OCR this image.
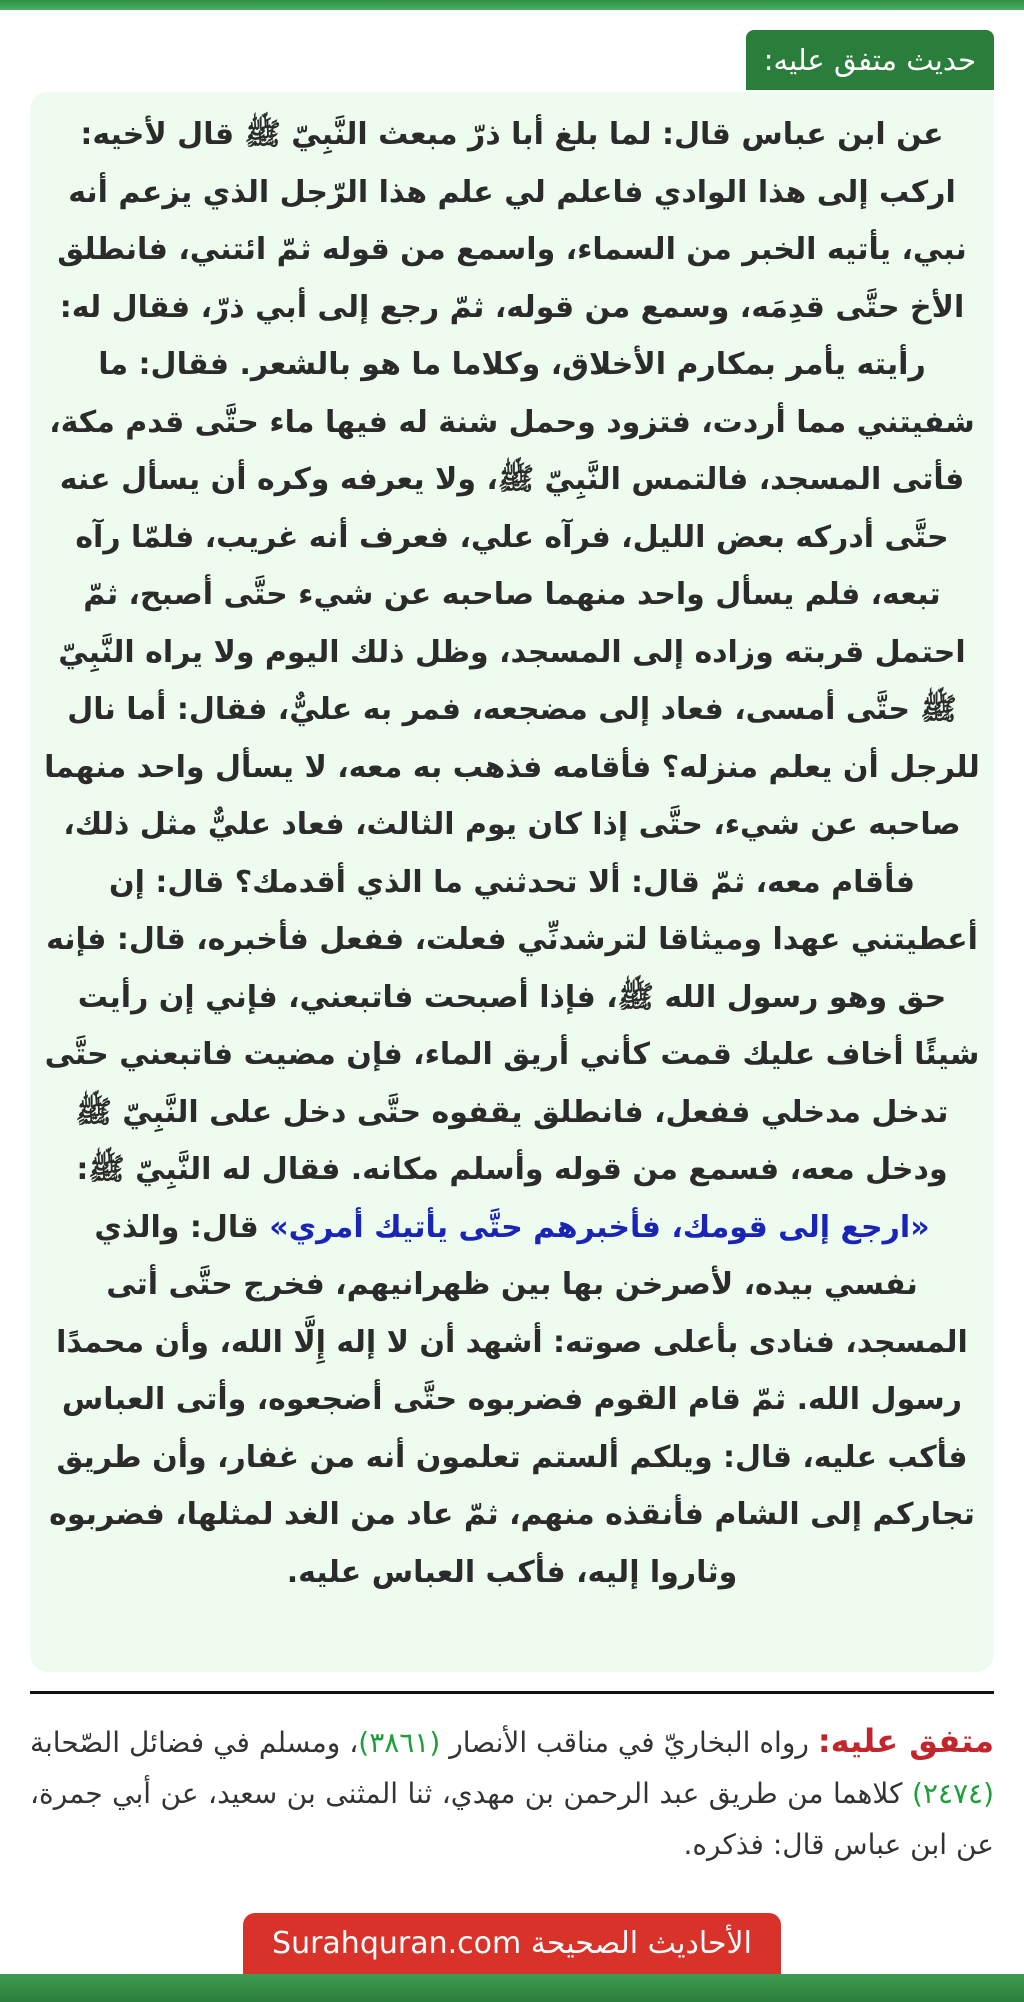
حديث متفق عليه:
عن ابن عباس قال: لما بلغ أبا ذرّ مبعث النَّبِيّ ﷺ قال لأخيه: اركب إلى هذا الوادي فاعلم لي علم هذا الرّجل الذي يزعم أنه نبي، يأتيه الخبر من السماء، واسمع من قوله ثمّ ائتني، فانطلق الأخ حتَّى قدِمَه، وسمع من قوله، ثمّ رجع إلى أبي ذرّ، فقال له: رأيته يأمر بمكارم الأخلاق، وكلاما ما هو بالشعر. فقال: ما شفيتني مما أردت، فتزود وحمل شنة له فيها ماء حتَّى قدم مكة، فأتى المسجد، فالتمس النَّبِيّ ﷺ، ولا يعرفه وكره أن يسأل عنه حتَّى أدركه بعض الليل، فرآه علي، فعرف أنه غريب، فلمّا رآه تبعه، فلم يسأل واحد منهما صاحبه عن شيء حتَّى أصبح، ثمّ احتمل قربته وزاده إلى المسجد، وظل ذلك اليوم ولا يراه النَّبِيّ ﷺ حتَّى أمسى، فعاد إلى مضجعه، فمر به عليٌّ، فقال: أما نال للرجل أن يعلم منزله؟ فأقامه فذهب به معه، لا يسأل واحد منهما صاحبه عن شيء، حتَّى إذا كان يوم الثالث، فعاد عليٌّ مثل ذلك، فأقام معه، ثمّ قال: ألا تحدثني ما الذي أقدمك؟ قال: إن أعطيتني عهدا وميثاقا لترشدنِّي فعلت، ففعل فأخبره، قال: فإنه حق وهو رسول الله ﷺ، فإذا أصبحت فاتبعني، فإني إن رأيت شيئًا أخاف عليك قمت كأني أريق الماء، فإن مضيت فاتبعني حتَّى تدخل مدخلي ففعل، فانطلق يقفوه حتَّى دخل على النَّبِيّ ﷺ ودخل معه، فسمع من قوله وأسلم مكانه. فقال له النَّبِيّ ﷺ: «ارجع إلى قومك، فأخبرهم حتَّى يأتيك أمري» قال: والذي نفسي بيده، لأصرخن بها بين ظهرانيهم، فخرج حتَّى أتى المسجد، فنادى بأعلى صوته: أشهد أن لا إله إِلَّا الله، وأن محمدًا رسول الله. ثمّ قام القوم فضربوه حتَّى أضجعوه، وأتى العباس فأكب عليه، قال: ويلكم ألستم تعلمون أنه من غفار، وأن طريق تجاركم إلى الشام فأنقذه منهم، ثمّ عاد من الغد لمثلها، فضربوه وثاروا إليه، فأكب العباس عليه.
متفق عليه: رواه البخاريّ في مناقب الأنصار (٣٨٦١)، ومسلم في فضائل الصّحابة (٢٤٧٤) كلاهما من طريق عبد الرحمن بن مهدي، ثنا المثنى بن سعيد، عن أبي جمرة، عن ابن عباس قال: فذكره.
الأحاديث الصحيحة Surahquran.com
